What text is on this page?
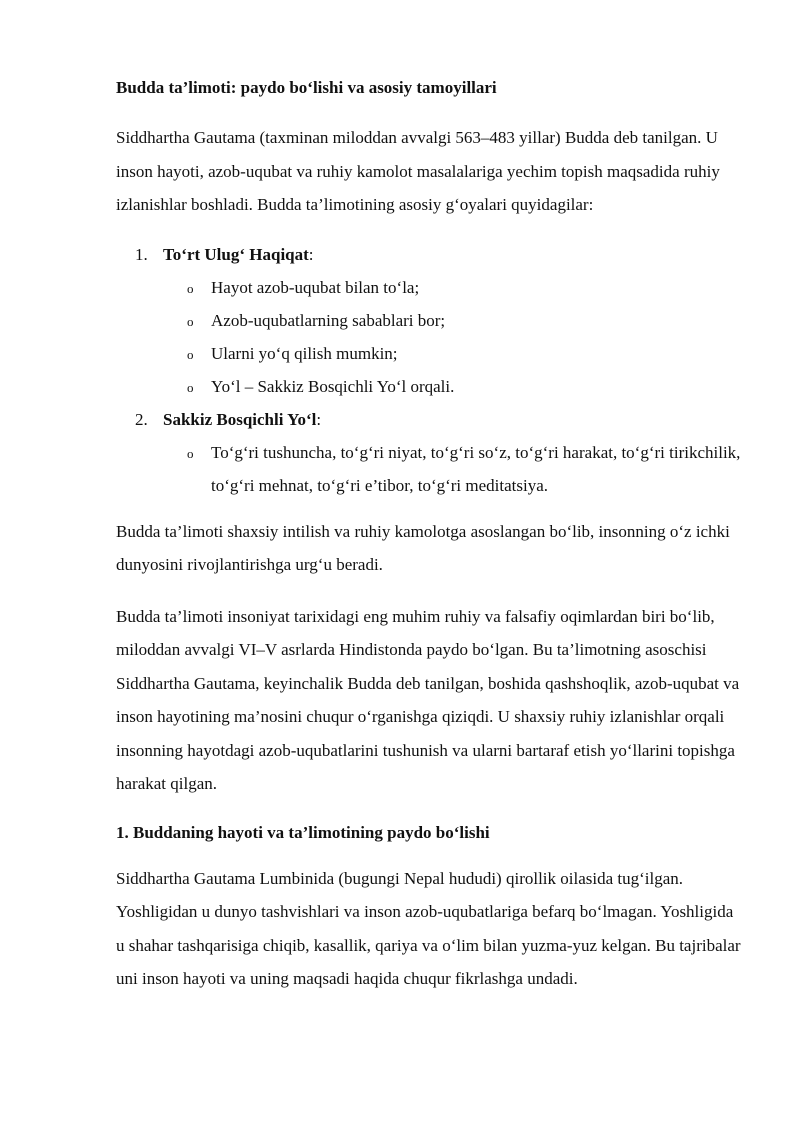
Budda ta’limoti: paydo bo‘lishi va asosiy tamoyillari

Siddhartha Gautama (taxminan miloddan avvalgi 563–483 yillar) Budda deb tanilgan. U inson hayoti, azob-uqubat va ruhiy kamolot masalalariga yechim topish maqsadida ruhiy izlanishlar boshladi. Budda ta’limotining asosiy g‘oyalari quyidagilar:

1. To‘rt Ulug‘ Haqiqat:
o Hayot azob-uqubat bilan to‘la;
o Azob-uqubatlarning sabablari bor;
o Ularni yo‘q qilish mumkin;
o Yo‘l – Sakkiz Bosqichli Yo‘l orqali.
2. Sakkiz Bosqichli Yo‘l:
o To‘g‘ri tushuncha, to‘g‘ri niyat, to‘g‘ri so‘z, to‘g‘ri harakat, to‘g‘ri tirikchilik, to‘g‘ri mehnat, to‘g‘ri e’tibor, to‘g‘ri meditatsiya.

Budda ta’limoti shaxsiy intilish va ruhiy kamolotga asoslangan bo‘lib, insonning o‘z ichki dunyosini rivojlantirishga urg‘u beradi.

Budda ta’limoti insoniyat tarixidagi eng muhim ruhiy va falsafiy oqimlardan biri bo‘lib, miloddan avvalgi VI–V asrlarda Hindistonda paydo bo‘lgan. Bu ta’limotning asoschisi Siddhartha Gautama, keyinchalik Budda deb tanilgan, boshida qashshoqlik, azob-uqubat va inson hayotining ma’nosini chuqur o‘rganishga qiziqdi. U shaxsiy ruhiy izlanishlar orqali insonning hayotdagi azob-uqubatlarini tushunish va ularni bartaraf etish yo‘llarini topishga harakat qilgan.

1. Buddaning hayoti va ta’limotining paydo bo‘lishi

Siddhartha Gautama Lumbinida (bugungi Nepal hududi) qirollik oilasida tug‘ilgan. Yoshligidan u dunyo tashvishlari va inson azob-uqubatlariga befarq bo‘lmagan. Yoshligida u shahar tashqarisiga chiqib, kasallik, qariya va o‘lim bilan yuzma-yuz kelgan. Bu tajribalar uni inson hayoti va uning maqsadi haqida chuqur fikrlashga undadi.
